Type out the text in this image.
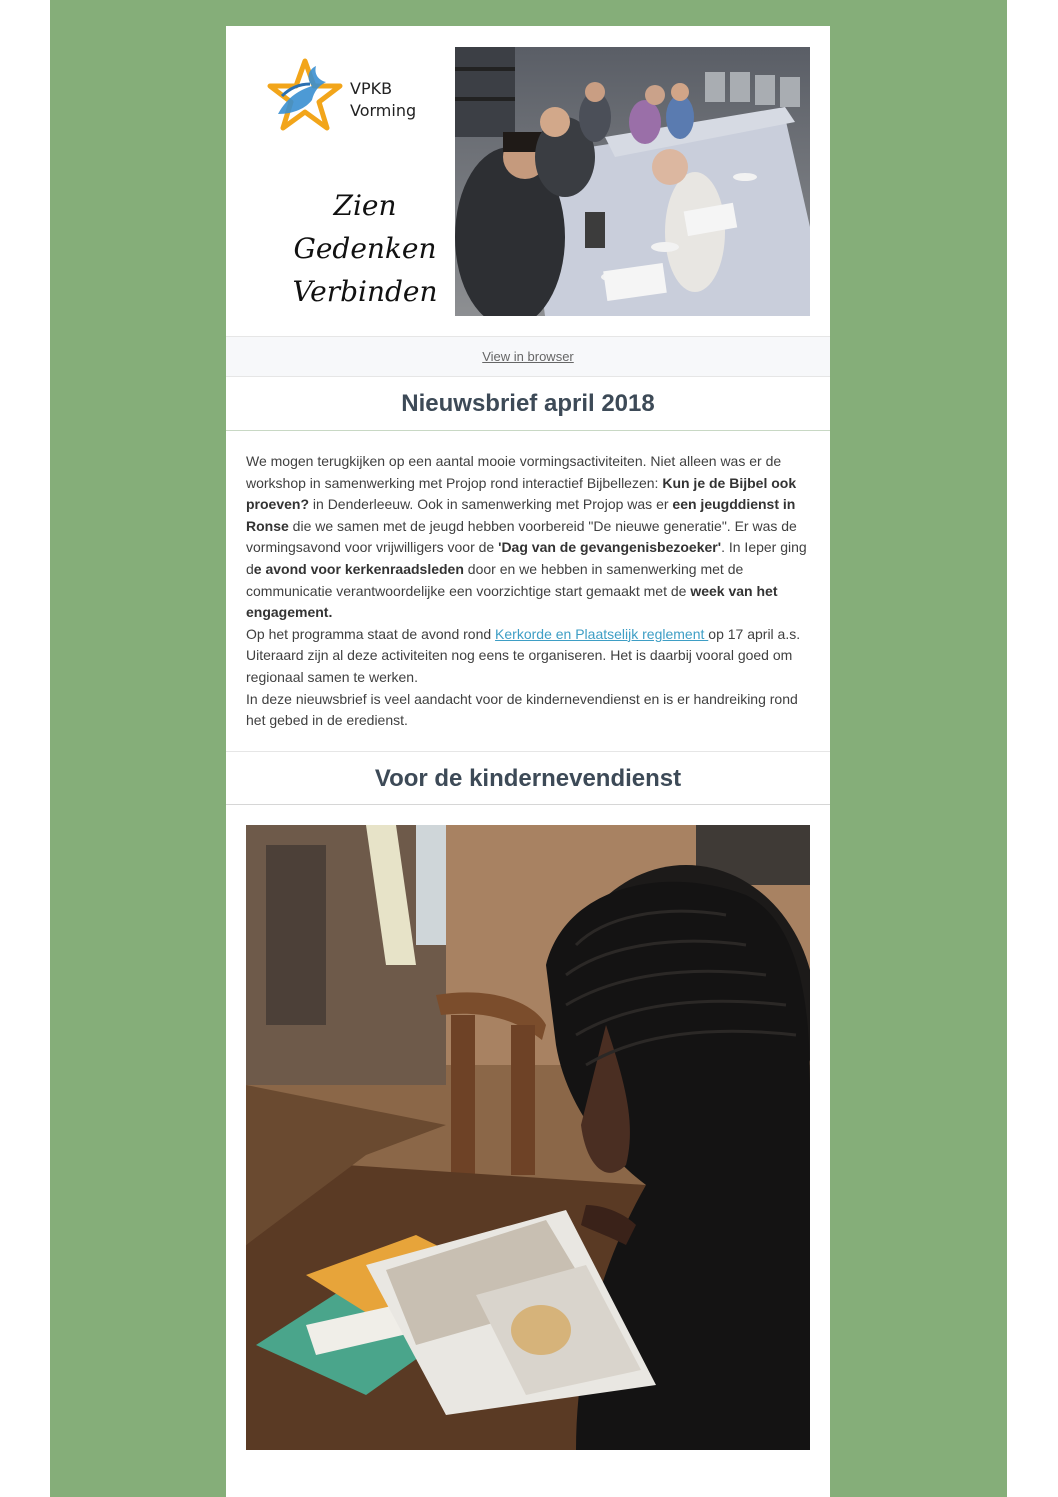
VPKB
Vorming
Zien
Gedenken
Verbinden
View in browser
Nieuwsbrief april 2018

We mogen terugkijken op een aantal mooie vormingsactiviteiten. Niet alleen was er de workshop in samenwerking met Projop rond interactief Bijbellezen: Kun je de Bijbel ook proeven? in Denderleeuw. Ook in samenwerking met Projop was er een jeugddienst in Ronse die we samen met de jeugd hebben voorbereid "De nieuwe generatie". Er was de vormingsavond voor vrijwilligers voor de 'Dag van de gevangenisbezoeker'. In Ieper ging de avond voor kerkenraadsleden door en we hebben in samenwerking met de communicatie verantwoordelijke een voorzichtige start gemaakt met de week van het engagement.

Op het programma staat de avond rond Kerkorde en Plaatselijk reglement op 17 april a.s. Uiteraard zijn al deze activiteiten nog eens te organiseren. Het is daarbij vooral goed om regionaal samen te werken.

In deze nieuwsbrief is veel aandacht voor de kindernevendienst en is er handreiking rond het gebed in de eredienst.

Voor de kindernevendienst
